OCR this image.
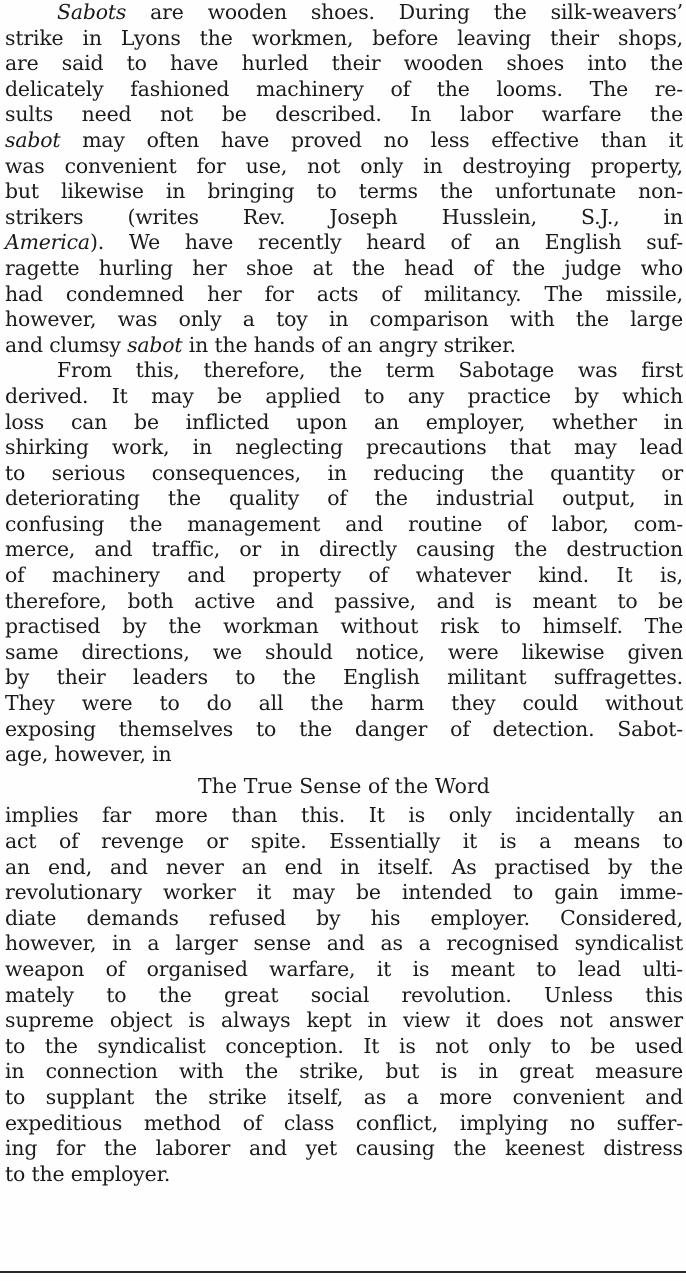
Sabots are wooden shoes. During the silk-weavers’
strike in Lyons the workmen, before leaving their shops,
are said to have hurled their wooden shoes into the
delicately fashioned machinery of the looms. The re-
sults need not be described. In labor warfare the
sabot may often have proved no less effective than it
was convenient for use, not only in destroying property,
but likewise in bringing to terms the unfortunate non-
strikers (writes Rev. Joseph Husslein, S.J., in
America). We have recently heard of an English suf-
ragette hurling her shoe at the head of the judge who
had condemned her for acts of militancy. The missile,
however, was only a toy in comparison with the large
and clumsy sabot in the hands of an angry striker.
From this, therefore, the term Sabotage was first
derived. It may be applied to any practice by which
loss can be inflicted upon an employer, whether in
shirking work, in neglecting precautions that may lead
to serious consequences, in reducing the quantity or
deteriorating the quality of the industrial output, in
confusing the management and routine of labor, com-
merce, and traffic, or in directly causing the destruction
of machinery and property of whatever kind. It is,
therefore, both active and passive, and is meant to be
practised by the workman without risk to himself. The
same directions, we should notice, were likewise given
by their leaders to the English militant suffragettes.
They were to do all the harm they could without
exposing themselves to the danger of detection. Sabot-
age, however, in
The True Sense of the Word
implies far more than this. It is only incidentally an
act of revenge or spite. Essentially it is a means to
an end, and never an end in itself. As practised by the
revolutionary worker it may be intended to gain imme-
diate demands refused by his employer. Considered,
however, in a larger sense and as a recognised syndicalist
weapon of organised warfare, it is meant to lead ulti-
mately to the great social revolution. Unless this
supreme object is always kept in view it does not answer
to the syndicalist conception. It is not only to be used
in connection with the strike, but is in great measure
to supplant the strike itself, as a more convenient and
expeditious method of class conflict, implying no suffer-
ing for the laborer and yet causing the keenest distress
to the employer.
